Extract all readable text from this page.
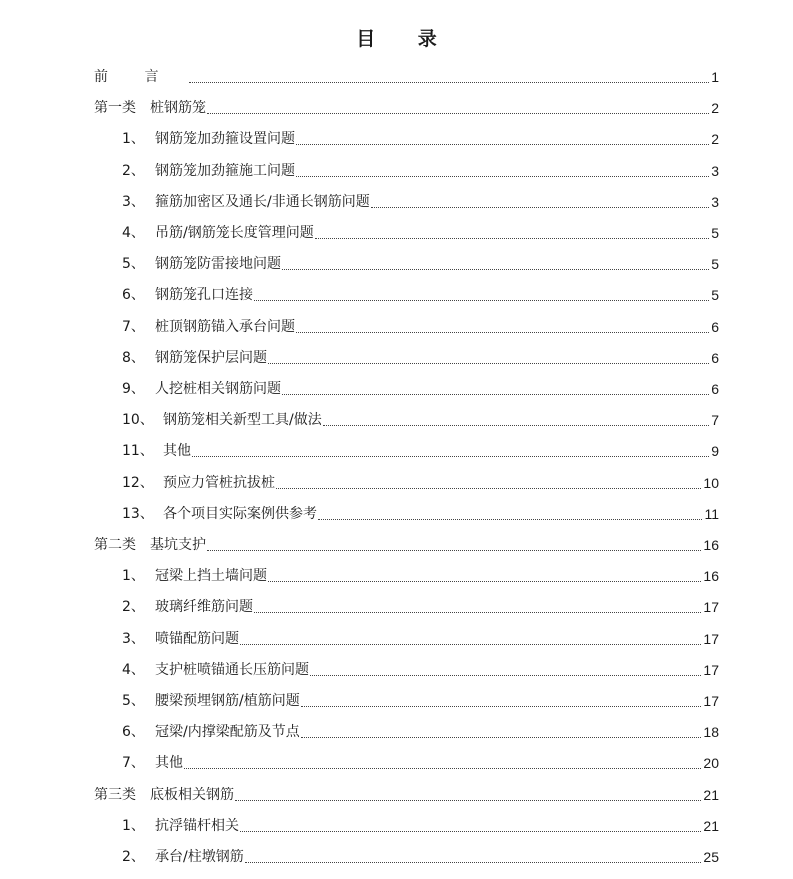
目 录
前 言	1
第一类 桩钢筋笼	2
1、 钢筋笼加劲箍设置问题	2
2、 钢筋笼加劲箍施工问题	3
3、 箍筋加密区及通长/非通长钢筋问题	3
4、 吊筋/钢筋笼长度管理问题	5
5、 钢筋笼防雷接地问题	5
6、 钢筋笼孔口连接	5
7、 桩顶钢筋锚入承台问题	6
8、 钢筋笼保护层问题	6
9、 人挖桩相关钢筋问题	6
10、 钢筋笼相关新型工具/做法	7
11、 其他	9
12、 预应力管桩抗拔桩	10
13、 各个项目实际案例供参考	11
第二类 基坑支护	16
1、 冠梁上挡土墙问题	16
2、 玻璃纤维筋问题	17
3、 喷锚配筋问题	17
4、 支护桩喷锚通长压筋问题	17
5、 腰梁预埋钢筋/植筋问题	17
6、 冠梁/内撑梁配筋及节点	18
7、 其他	20
第三类 底板相关钢筋	21
1、 抗浮锚杆相关	21
2、 承台/柱墩钢筋	25
